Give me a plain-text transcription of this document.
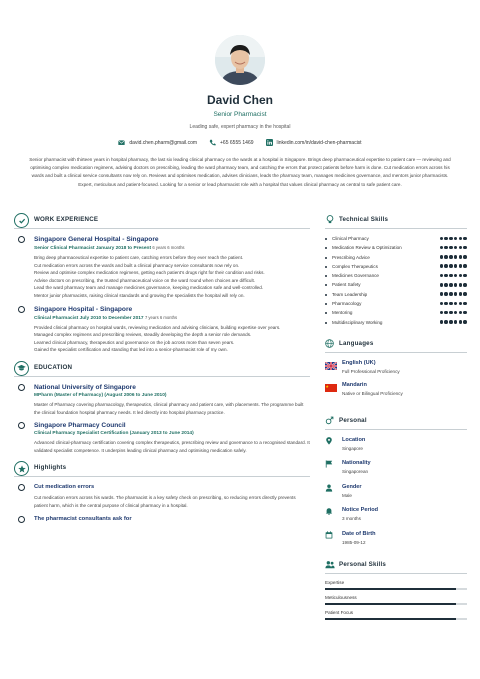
David Chen
Senior Pharmacist
Leading safe, expert pharmacy in the hospital
david.chen.pharm@gmail.com	+65 6555 1469	linkedin.com/in/david-chen-pharmacist
Senior pharmacist with thirteen years in hospital pharmacy, the last six leading clinical pharmacy on the wards at a hospital in Singapore. Brings deep pharmaceutical expertise to patient care — reviewing and optimising complex medication regimens, advising doctors on prescribing, leading the ward pharmacy team, and catching the errors that protect patients before harm is done. Cut medication errors across his wards and built a clinical service consultants now rely on. Reviews and optimises medication, advises clinicians, leads the pharmacy team, manages medicines governance, and mentors junior pharmacists. Expert, meticulous and patient-focused. Looking for a senior or lead pharmacist role with a hospital that values clinical pharmacy as central to safe patient care.
WORK EXPERIENCE
Singapore General Hospital - Singapore
Senior Clinical Pharmacist January 2018 to Present 6 years 6 months
Bring deep pharmaceutical expertise to patient care, catching errors before they ever reach the patient.
Cut medication errors across the wards and built a clinical pharmacy service consultants now rely on.
Review and optimise complex medication regimens, getting each patient's drugs right for their condition and risks.
Advise doctors on prescribing, the trusted pharmaceutical voice on the ward round when choices are difficult.
Lead the ward pharmacy team and manage medicines governance, keeping medication safe and well-controlled.
Mentor junior pharmacists, raising clinical standards and growing the specialists the hospital will rely on.
Singapore Hospital - Singapore
Clinical Pharmacist July 2010 to December 2017 7 years 6 months
Provided clinical pharmacy on hospital wards, reviewing medication and advising clinicians, building expertise over years.
Managed complex regimens and prescribing reviews, steadily developing the depth a senior role demands.
Learned clinical pharmacy, therapeutics and governance on the job across more than seven years.
Gained the specialist certification and standing that led into a senior-pharmacist role of my own.
EDUCATION
National University of Singapore
MPharm (Master of Pharmacy) (August 2006 to June 2010)
Master of Pharmacy covering pharmacology, therapeutics, clinical pharmacy and patient care, with placements. The programme built the clinical foundation hospital pharmacy needs. It led directly into hospital pharmacy practice.
Singapore Pharmacy Council
Clinical Pharmacy Specialist Certification (January 2013 to June 2014)
Advanced clinical-pharmacy certification covering complex therapeutics, prescribing review and governance to a recognised standard. It validated specialist competence. It underpins leading clinical pharmacy and optimising medication safely.
Highlights
Cut medication errors
Cut medication errors across his wards. The pharmacist is a key safety check on prescribing, so reducing errors directly prevents patient harm, which is the central purpose of clinical pharmacy in a hospital.
The pharmacist consultants ask for
Technical Skills
Clinical Pharmacy
Medication Review & Optimization
Prescribing Advice
Complex Therapeutics
Medicines Governance
Patient Safety
Team Leadership
Pharmacology
Mentoring
Multidisciplinary Working
Languages
English (UK)
Full Professional Proficiency
Mandarin
Native or Bilingual Proficiency
Personal
Location
Singapore
Nationality
Singaporean
Gender
Male
Notice Period
3 months
Date of Birth
1985-09-12
Personal Skills
Expertise
Meticulousness
Patient Focus
